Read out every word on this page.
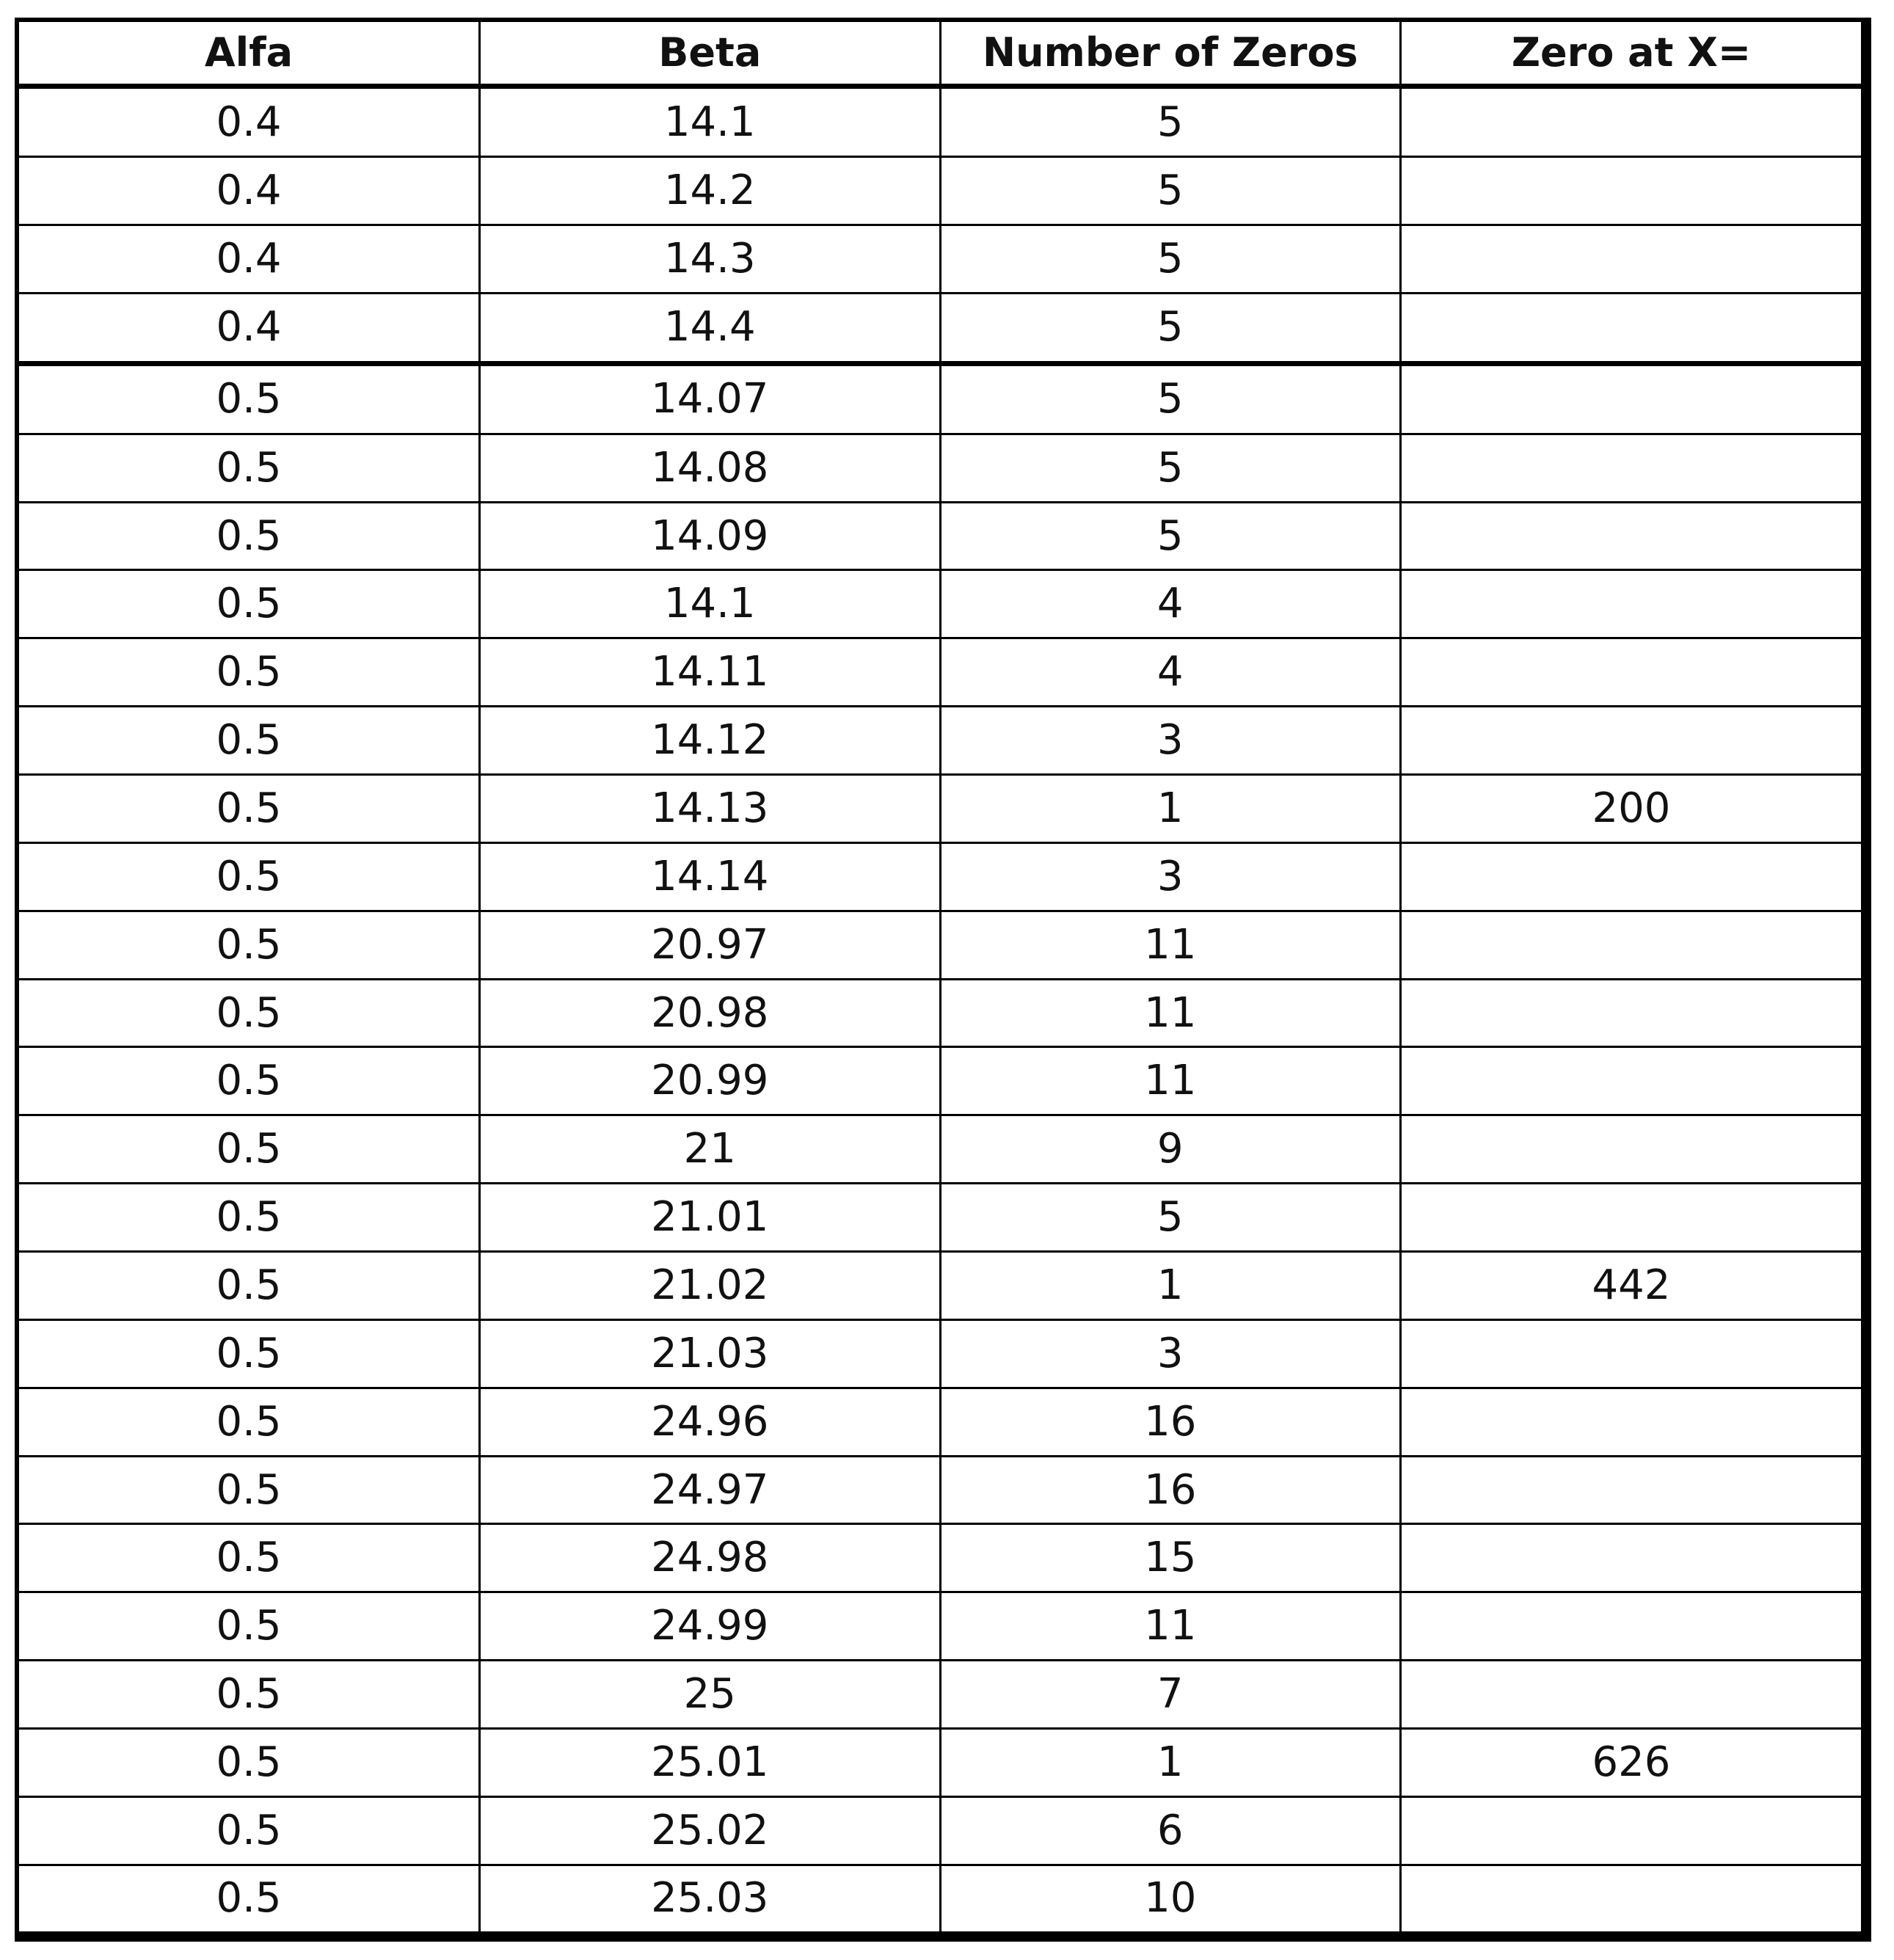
Alfa	Beta	Number of Zeros	Zero at X=
0.4	14.1	5	
0.4	14.2	5	
0.4	14.3	5	
0.4	14.4	5	
0.5	14.07	5	
0.5	14.08	5	
0.5	14.09	5	
0.5	14.1	4	
0.5	14.11	4	
0.5	14.12	3	
0.5	14.13	1	200
0.5	14.14	3	
0.5	20.97	11	
0.5	20.98	11	
0.5	20.99	11	
0.5	21	9	
0.5	21.01	5	
0.5	21.02	1	442
0.5	21.03	3	
0.5	24.96	16	
0.5	24.97	16	
0.5	24.98	15	
0.5	24.99	11	
0.5	25	7	
0.5	25.01	1	626
0.5	25.02	6	
0.5	25.03	10	
